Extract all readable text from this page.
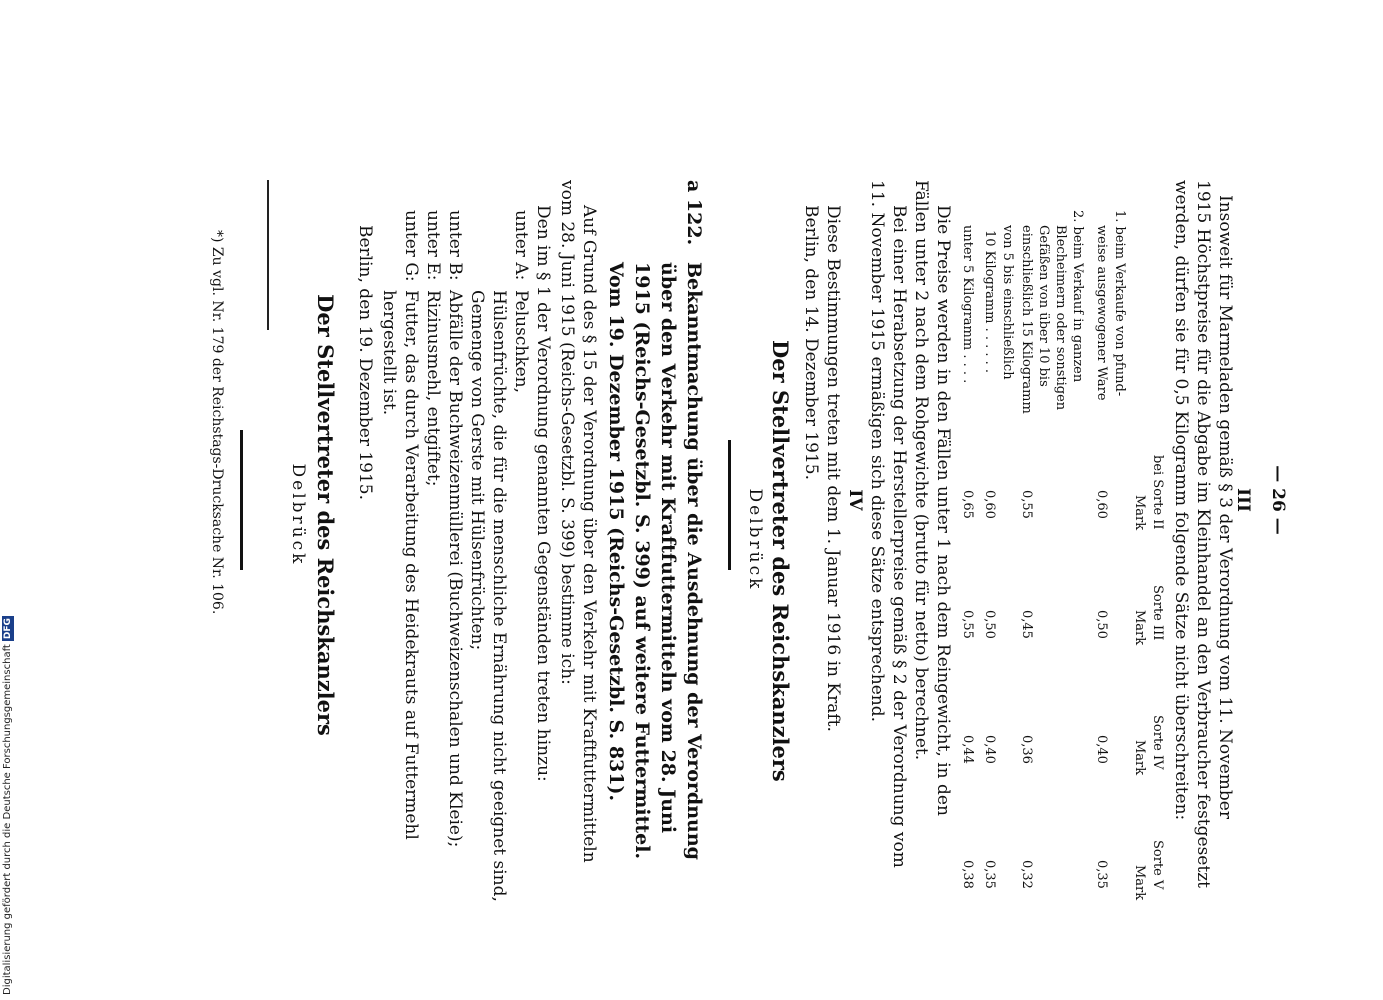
— 26 —
III
Insoweit für Marmeladen gemäß § 3 der Verordnung vom 11. November
1915 Höchstpreise für die Abgabe im Kleinhandel an den Verbraucher festgesetzt
werden, dürfen sie für 0,5 Kilogramm folgende Sätze nicht überschreiten:
bei Sorte II
Sorte III
Sorte IV
Sorte V
Mark
Mark
Mark
Mark
1. beim Verkaufe von pfund-
weise ausgewogener Ware
0,60
0,50
0,40
0,35
2. beim Verkauf in ganzen
Blecheimern oder sonstigen
Gefäßen von über 10 bis
einschließlich 15 Kilogramm
0,55
0,45
0,36
0,32
von 5 bis einschließlich
10 Kilogramm . . . . . .
0,60
0,50
0,40
0,35
unter 5 Kilogramm . . . .
0,65
0,55
0,44
0,38
Die Preise werden in den Fällen unter 1 nach dem Reingewicht, in den
Fällen unter 2 nach dem Rohgewichte (brutto für netto) berechnet.
Bei einer Herabsetzung der Herstellerpreise gemäß § 2 der Verordnung vom
11. November 1915 ermäßigen sich diese Sätze entsprechend.
IV
Diese Bestimmungen treten mit dem 1. Januar 1916 in Kraft.
Berlin, den 14. Dezember 1915.
Der Stellvertreter des Reichskanzlers
Delbrück
a 122.
Bekanntmachung über die Ausdehnung der Verordnung
über den Verkehr mit Kraftfuttermitteln vom 28. Juni
1915 (Reichs-Gesetzbl. S. 399) auf weitere Futtermittel.
Vom 19. Dezember 1915 (Reichs-Gesetzbl. S. 831).
Auf Grund des § 15 der Verordnung über den Verkehr mit Kraftfuttermitteln
vom 28. Juni 1915 (Reichs-Gesetzbl. S. 399) bestimme ich:
Den im § 1 der Verordnung genannten Gegenständen treten hinzu:
unter A:
Peluschken,
Hülsenfrüchte, die für die menschliche Ernährung nicht geeignet sind,
Gemenge von Gerste mit Hülsenfrüchten;
unter B:
Abfälle der Buchweizenmüllerei (Buchweizenschalen und Kleie);
unter E:
Rizinusmehl, entgiftet;
unter G:
Futter, das durch Verarbeitung des Heidekrauts auf Futtermehl
hergestellt ist.
Berlin, den 19. Dezember 1915.
Der Stellvertreter des Reichskanzlers
Delbrück
*) Zu vgl. Nr. 179 der Reichstags-Drucksache Nr. 106.
Digitalisierung gefördert durch die Deutsche ForschungsgemeinschaftDFG
